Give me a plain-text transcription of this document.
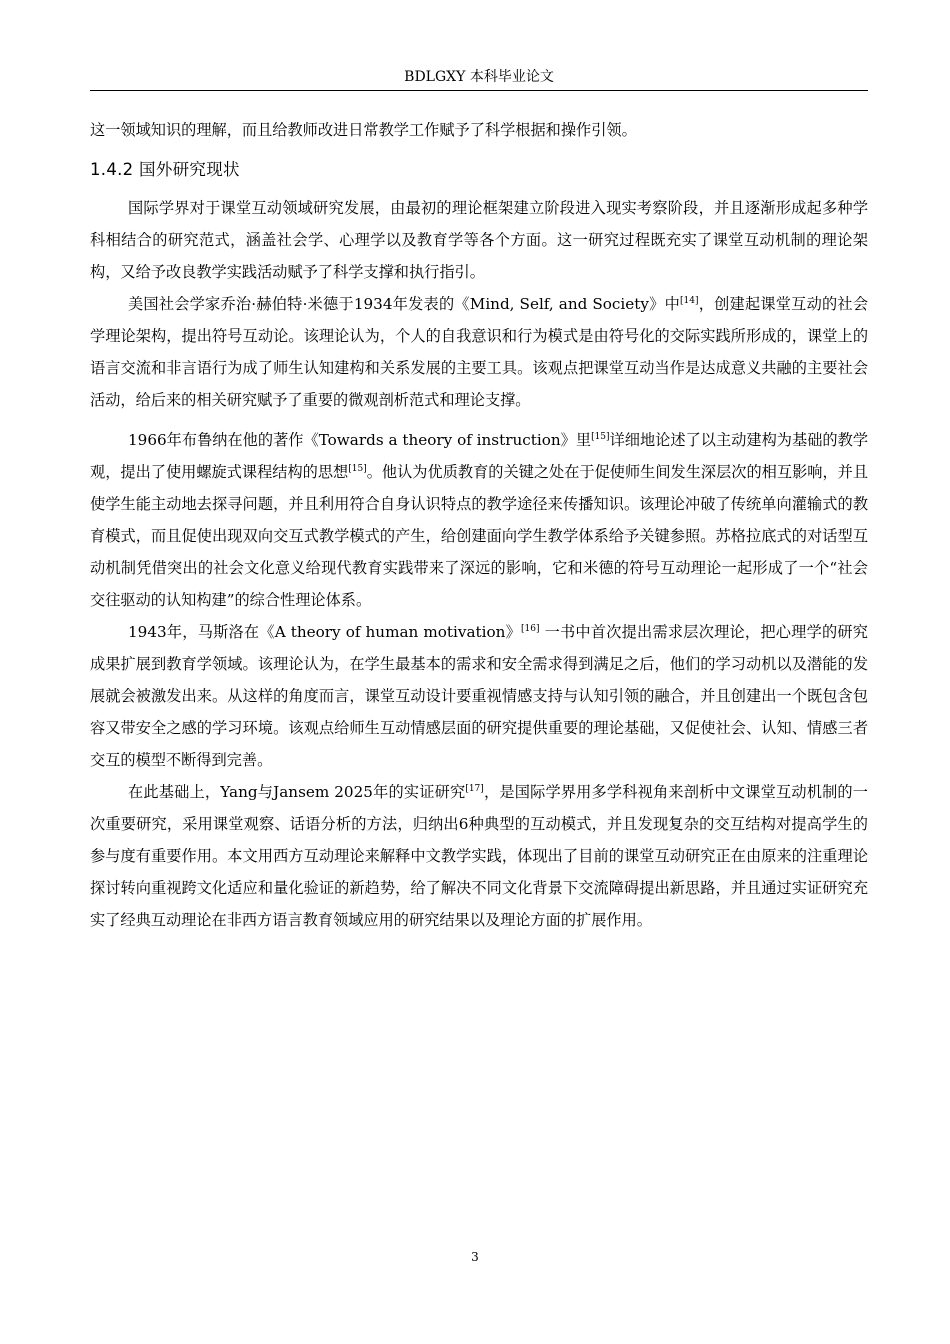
BDLGXY 本科毕业论文

这一领域知识的理解，而且给教师改进日常教学工作赋予了科学根据和操作引领。

1.4.2 国外研究现状

国际学界对于课堂互动领域研究发展，由最初的理论框架建立阶段进入现实考察阶段，并且逐渐形成起多种学科相结合的研究范式，涵盖社会学、心理学以及教育学等各个方面。这一研究过程既充实了课堂互动机制的理论架构，又给予改良教学实践活动赋予了科学支撑和执行指引。

美国社会学家乔治·赫伯特·米德于1934年发表的《Mind, Self, and Society》中[14]，创建起课堂互动的社会学理论架构，提出符号互动论。该理论认为，个人的自我意识和行为模式是由符号化的交际实践所形成的，课堂上的语言交流和非言语行为成了师生认知建构和关系发展的主要工具。该观点把课堂互动当作是达成意义共融的主要社会活动，给后来的相关研究赋予了重要的微观剖析范式和理论支撑。

1966年布鲁纳在他的著作《Towards a theory of instruction》里[15]详细地论述了以主动建构为基础的教学观，提出了使用螺旋式课程结构的思想[15]。他认为优质教育的关键之处在于促使师生间发生深层次的相互影响，并且使学生能主动地去探寻问题，并且利用符合自身认识特点的教学途径来传播知识。该理论冲破了传统单向灌输式的教育模式，而且促使出现双向交互式教学模式的产生，给创建面向学生教学体系给予关键参照。苏格拉底式的对话型互动机制凭借突出的社会文化意义给现代教育实践带来了深远的影响，它和米德的符号互动理论一起形成了一个“社会交往驱动的认知构建”的综合性理论体系。

1943年，马斯洛在《A theory of human motivation》[16] 一书中首次提出需求层次理论，把心理学的研究成果扩展到教育学领域。该理论认为，在学生最基本的需求和安全需求得到满足之后，他们的学习动机以及潜能的发展就会被激发出来。从这样的角度而言，课堂互动设计要重视情感支持与认知引领的融合，并且创建出一个既包含包容又带安全之感的学习环境。该观点给师生互动情感层面的研究提供重要的理论基础，又促使社会、认知、情感三者交互的模型不断得到完善。

在此基础上，Yang与Jansem 2025年的实证研究[17]，是国际学界用多学科视角来剖析中文课堂互动机制的一次重要研究，采用课堂观察、话语分析的方法，归纳出6种典型的互动模式，并且发现复杂的交互结构对提高学生的参与度有重要作用。本文用西方互动理论来解释中文教学实践，体现出了目前的课堂互动研究正在由原来的注重理论探讨转向重视跨文化适应和量化验证的新趋势，给了解决不同文化背景下交流障碍提出新思路，并且通过实证研究充实了经典互动理论在非西方语言教育领域应用的研究结果以及理论方面的扩展作用。

3
